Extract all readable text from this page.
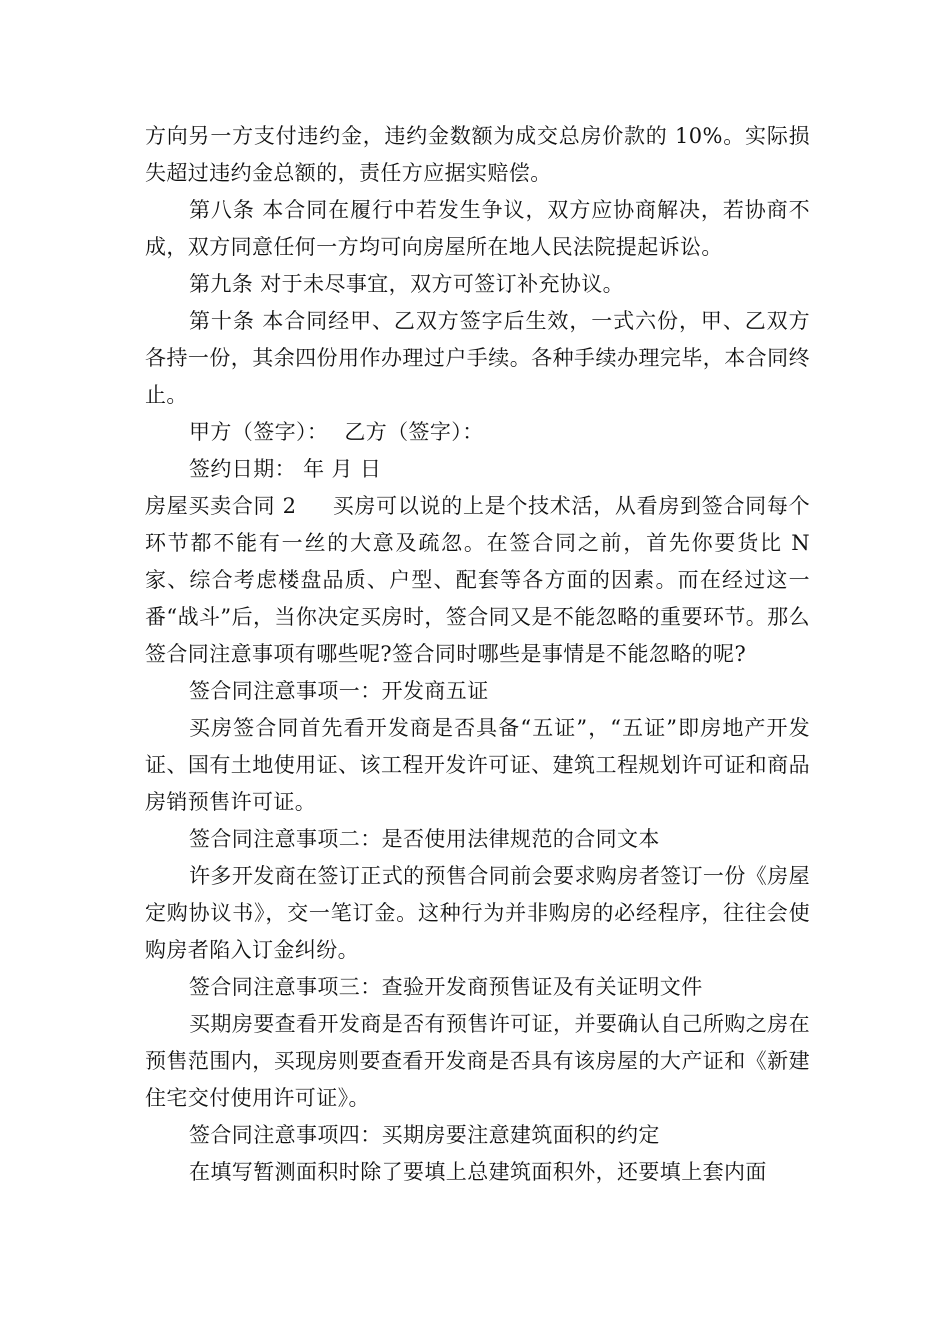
方向另一方支付违约金，违约金数额为成交总房价款的 10%。实际损失超过违约金总额的，责任方应据实赔偿。

第八条 本合同在履行中若发生争议，双方应协商解决，若协商不成，双方同意任何一方均可向房屋所在地人民法院提起诉讼。

第九条 对于未尽事宜，双方可签订补充协议。

第十条 本合同经甲、乙双方签字后生效，一式六份，甲、乙双方各持一份，其余四份用作办理过户手续。各种手续办理完毕，本合同终止。

甲方（签字）： 乙方（签字）：

签约日期： 年 月 日

房屋买卖合同 2 买房可以说的上是个技术活，从看房到签合同每个环节都不能有一丝的大意及疏忽。在签合同之前，首先你要货比 N 家、综合考虑楼盘品质、户型、配套等各方面的因素。而在经过这一番“战斗”后，当你决定买房时，签合同又是不能忽略的重要环节。那么签合同注意事项有哪些呢?签合同时哪些是事情是不能忽略的呢?

签合同注意事项一：开发商五证

买房签合同首先看开发商是否具备“五证”，“五证”即房地产开发证、国有土地使用证、该工程开发许可证、建筑工程规划许可证和商品房销预售许可证。

签合同注意事项二：是否使用法律规范的合同文本

许多开发商在签订正式的预售合同前会要求购房者签订一份《房屋定购协议书》，交一笔订金。这种行为并非购房的必经程序，往往会使购房者陷入订金纠纷。

签合同注意事项三：查验开发商预售证及有关证明文件

买期房要查看开发商是否有预售许可证，并要确认自己所购之房在预售范围内，买现房则要查看开发商是否具有该房屋的大产证和《新建住宅交付使用许可证》。

签合同注意事项四：买期房要注意建筑面积的约定

在填写暂测面积时除了要填上总建筑面积外，还要填上套内面
